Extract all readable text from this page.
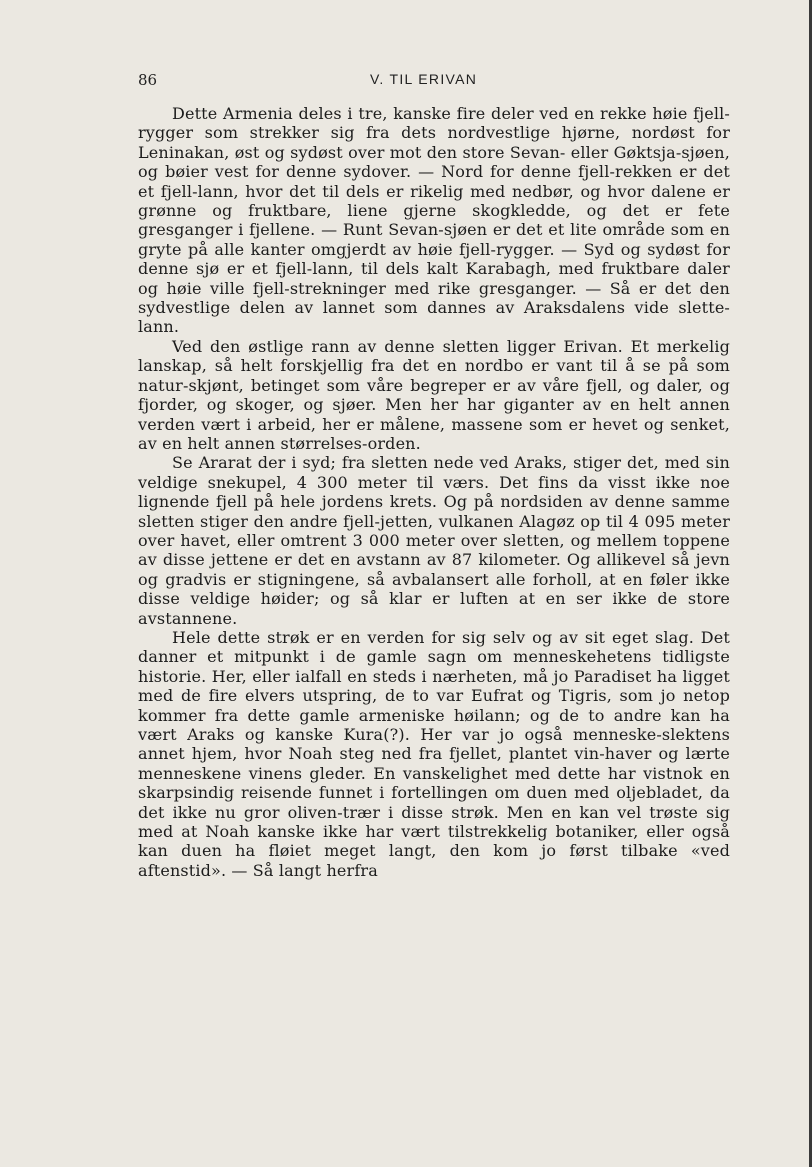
86	V. TIL ERIVAN

Dette Armenia deles i tre, kanske fire deler ved en rekke høie fjell-rygger som strekker sig fra dets nordvestlige hjørne, nordøst for Leninakan, øst og sydøst over mot den store Sevan- eller Gøktsja-sjøen, og bøier vest for denne sydover. — Nord for denne fjell-rekken er det et fjell-lann, hvor det til dels er rikelig med nedbør, og hvor dalene er grønne og fruktbare, liene gjerne skogkledde, og det er fete gresganger i fjellene. — Runt Sevan-sjøen er det et lite område som en gryte på alle kanter omgjerdt av høie fjell-rygger. — Syd og sydøst for denne sjø er et fjell-lann, til dels kalt Karabagh, med fruktbare daler og høie ville fjell-strekninger med rike gresganger. — Så er det den sydvestlige delen av lannet som dannes av Araksdalens vide slette-lann.

Ved den østlige rann av denne sletten ligger Erivan. Et merkelig lanskap, så helt forskjellig fra det en nordbo er vant til å se på som natur-skjønt, betinget som våre begreper er av våre fjell, og daler, og fjorder, og skoger, og sjøer. Men her har giganter av en helt annen verden vært i arbeid, her er målene, massene som er hevet og senket, av en helt annen størrelses-orden.

Se Ararat der i syd; fra sletten nede ved Araks, stiger det, med sin veldige snekupel, 4 300 meter til værs. Det fins da visst ikke noe lignende fjell på hele jordens krets. Og på nordsiden av denne samme sletten stiger den andre fjell-jetten, vulkanen Alagøz op til 4 095 meter over havet, eller omtrent 3 000 meter over sletten, og mellem toppene av disse jettene er det en avstann av 87 kilometer. Og allikevel så jevn og gradvis er stigningene, så avbalansert alle forholl, at en føler ikke disse veldige høider; og så klar er luften at en ser ikke de store avstannene.

Hele dette strøk er en verden for sig selv og av sit eget slag. Det danner et mitpunkt i de gamle sagn om menneskehetens tidligste historie. Her, eller ialfall en steds i nærheten, må jo Paradiset ha ligget med de fire elvers utspring, de to var Eufrat og Tigris, som jo netop kommer fra dette gamle armeniske høilann; og de to andre kan ha vært Araks og kanske Kura(?). Her var jo også menneske-slektens annet hjem, hvor Noah steg ned fra fjellet, plantet vin-haver og lærte menneskene vinens gleder. En vanskelighet med dette har vistnok en skarpsindig reisende funnet i fortellingen om duen med oljebladet, da det ikke nu gror oliven-trær i disse strøk. Men en kan vel trøste sig med at Noah kanske ikke har vært tilstrekkelig botaniker, eller også kan duen ha fløiet meget langt, den kom jo først tilbake «ved aftenstid». — Så langt herfra
